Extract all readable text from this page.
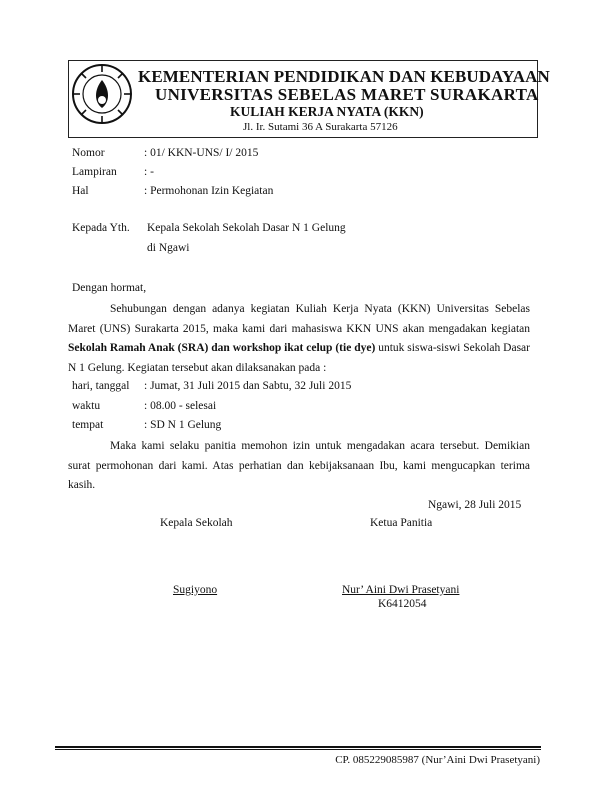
KEMENTERIAN PENDIDIKAN DAN KEBUDAYAAN
UNIVERSITAS SEBELAS MARET SURAKARTA
KULIAH KERJA NYATA (KKN)
Jl. Ir. Sutami 36 A Surakarta 57126
Nomor	: 01/ KKN-UNS/ I/ 2015
Lampiran : -
Hal	: Permohonan Izin Kegiatan
Kepada Yth. Kepala Sekolah Sekolah Dasar N 1 Gelung
di Ngawi
Dengan hormat,
Sehubungan dengan adanya kegiatan Kuliah Kerja Nyata (KKN) Universitas Sebelas Maret (UNS) Surakarta 2015, maka kami dari mahasiswa KKN UNS akan mengadakan kegiatan Sekolah Ramah Anak (SRA) dan workshop ikat celup (tie dye) untuk siswa-siswi Sekolah Dasar N 1 Gelung. Kegiatan tersebut akan dilaksanakan pada :
hari, tanggal : Jumat, 31 Juli 2015 dan Sabtu, 32 Juli 2015
waktu	: 08.00 - selesai
tempat	: SD N 1 Gelung
Maka kami selaku panitia memohon izin untuk mengadakan acara tersebut. Demikian surat permohonan dari kami. Atas perhatian dan kebijaksanaan Ibu, kami mengucapkan terima kasih.
Ngawi, 28 Juli 2015
Kepala Sekolah	Ketua Panitia
Sugiyono	Nur’ Aini Dwi Prasetyani
K6412054
CP. 085229085987 (Nur’Aini Dwi Prasetyani)
